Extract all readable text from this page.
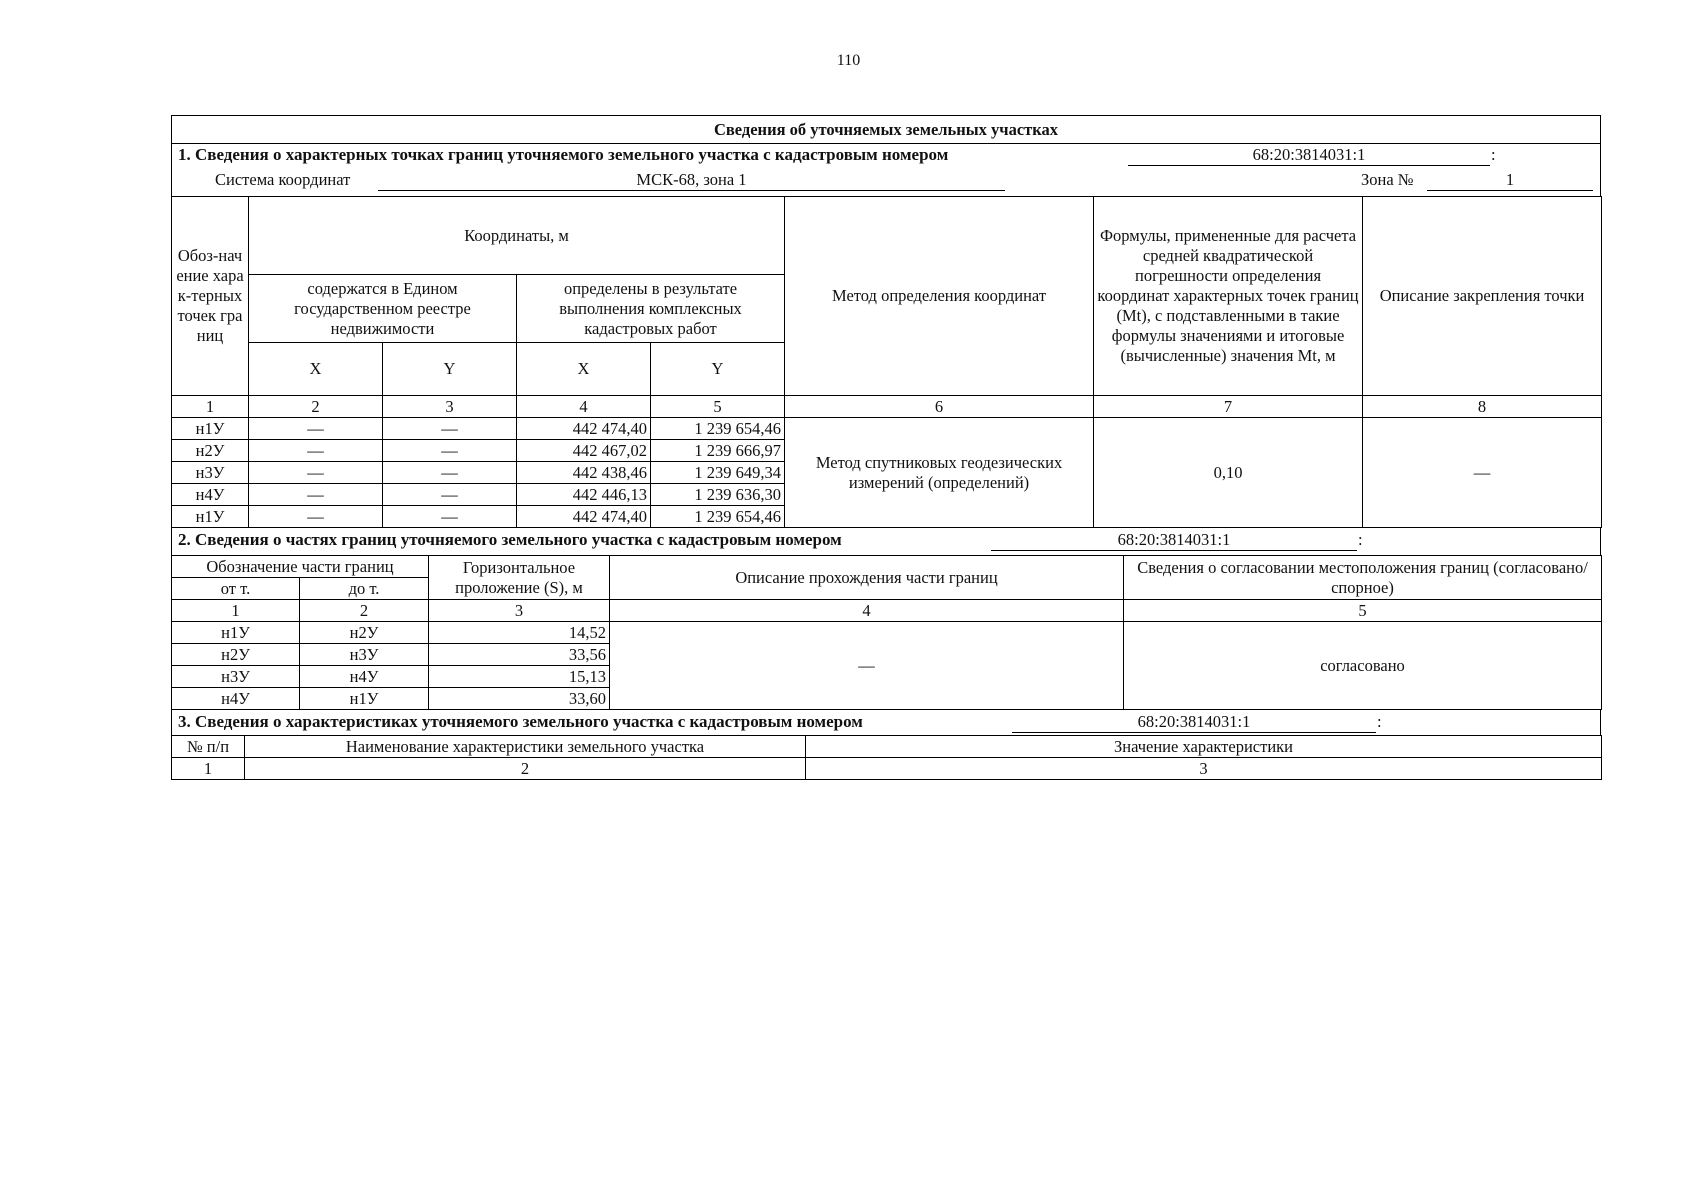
110
Сведения об уточняемых земельных участках
1. Сведения о характерных точках границ уточняемого земельного участка с кадастровым номером	68:20:3814031:1	:
Система координат	МСК-68, зона 1	Зона №	1
Обоз-начение харак-терных точек границ	Координаты, м				Метод определения координат	Формулы, примененные для расчета средней квадратической погрешности определения координат характерных точек границ (Mt), с подставленными в такие формулы значениями и итоговые (вычисленные) значения Mt, м	Описание закрепления точки
	содержатся в Едином государственном реестре недвижимости		определены в результате выполнения комплексных кадастровых работ				
	X	Y	X	Y			
1	2	3	4	5	6	7	8
н1У	—	—	442 474,40	1 239 654,46	Метод спутниковых геодезических измерений (определений)	0,10	—
н2У	—	—	442 467,02	1 239 666,97			
н3У	—	—	442 438,46	1 239 649,34			
н4У	—	—	442 446,13	1 239 636,30			
н1У	—	—	442 474,40	1 239 654,46			
2. Сведения о частях границ уточняемого земельного участка с кадастровым номером	68:20:3814031:1	:
Обозначение части границ		Горизонтальное проложение (S), м	Описание прохождения части границ	Сведения о согласовании местоположения границ (согласовано/спорное)
от т.	до т.			
1	2	3	4	5
н1У	н2У	14,52	—	согласовано
н2У	н3У	33,56		
н3У	н4У	15,13		
н4У	н1У	33,60		
3. Сведения о характеристиках уточняемого земельного участка с кадастровым номером	68:20:3814031:1	:
№ п/п	Наименование характеристики земельного участка	Значение характеристики
1	2	3
